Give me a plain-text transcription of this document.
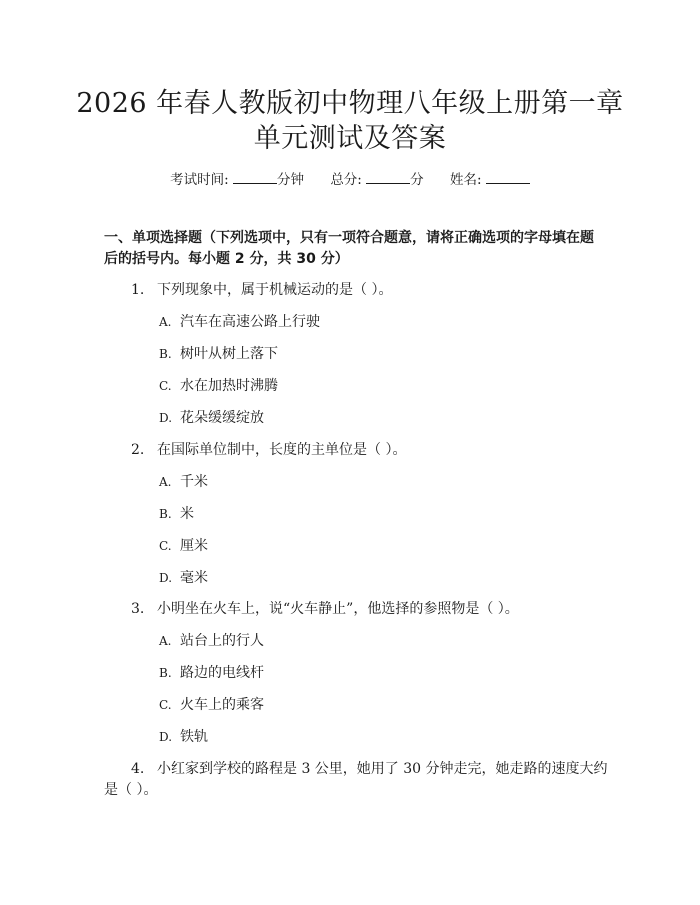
2026 年春人教版初中物理八年级上册第一章
单元测试及答案
考试时间:	分钟 总分:	分 姓名:

一、单项选择题（下列选项中，只有一项符合题意，请将正确选项的字母填在题

后的括号内。每小题 2 分，共 30 分）

1. 下列现象中，属于机械运动的是（ ）。
A. 汽车在高速公路上行驶
B. 树叶从树上落下
C. 水在加热时沸腾
D. 花朵缓缓绽放
2. 在国际单位制中，长度的主单位是（ ）。
A. 千米
B. 米
C. 厘米
D. 毫米
3. 小明坐在火车上，说“火车静止”，他选择的参照物是（ ）。
A. 站台上的行人
B. 路边的电线杆
C. 火车上的乘客
D. 铁轨
4. 小红家到学校的路程是 3 公里，她用了 30 分钟走完，她走路的速度大约
是（ ）。
